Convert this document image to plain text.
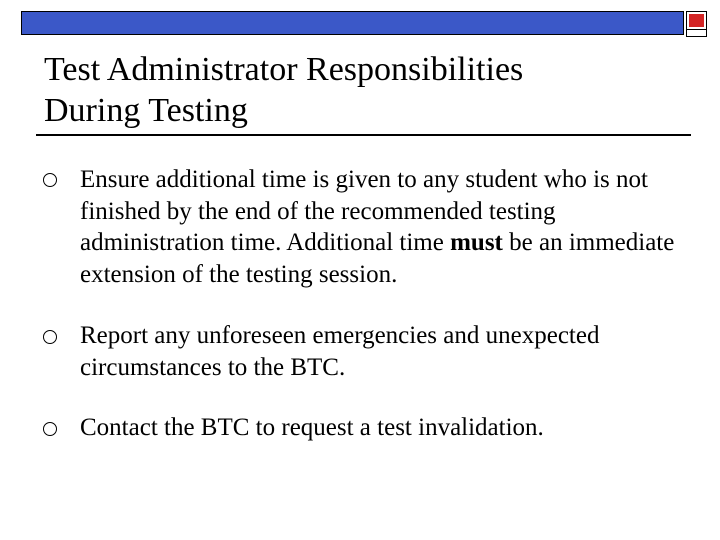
Test Administrator Responsibilities
During Testing
Ensure additional time is given to any student who is not finished by the end of the recommended testing administration time. Additional time must be an immediate extension of the testing session.
Report any unforeseen emergencies and unexpected circumstances to the BTC.
Contact the BTC to request a test invalidation.
